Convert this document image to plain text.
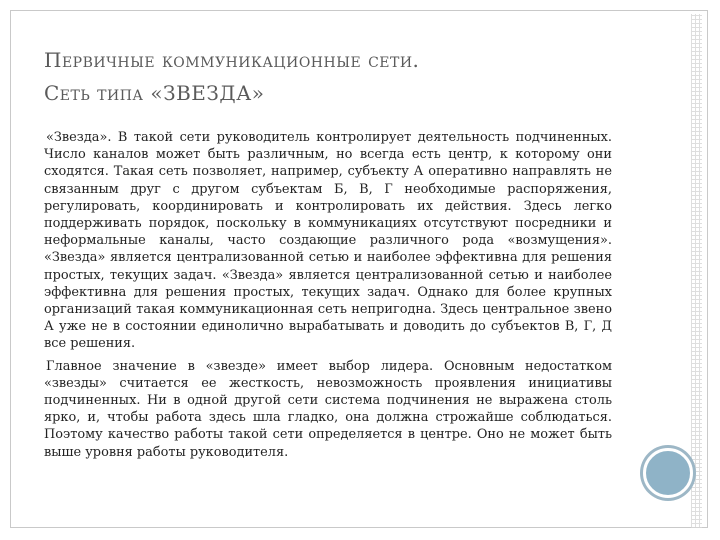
Первичные коммуникационные сети.
Сеть типа «ЗВЕЗДА»

«Звезда». В такой сети руководитель контролирует деятельность подчиненных. Число каналов может быть различным, но всегда есть центр, к которому они сходятся. Такая сеть позволяет, например, субъекту А оперативно направлять не связанным друг с другом субъектам Б, В, Г необходимые распоряжения, регулировать, координировать и контролировать их действия. Здесь легко поддерживать порядок, поскольку в коммуникациях отсутствуют посредники и неформальные каналы, часто создающие различного рода «возмущения». «Звезда» является централизованной сетью и наиболее эффективна для решения простых, текущих задач. «Звезда» является централизованной сетью и наиболее эффективна для решения простых, текущих задач. Однако для более крупных организаций такая коммуникационная сеть непригодна. Здесь центральное звено А уже не в состоянии единолично вырабатывать и доводить до субъектов В, Г, Д все решения.

Главное значение в «звезде» имеет выбор лидера. Основным недостатком «звезды» считается ее жесткость, невозможность проявления инициативы подчиненных. Ни в одной другой сети система подчинения не выражена столь ярко, и, чтобы работа здесь шла гладко, она должна строжайше соблюдаться. Поэтому качество работы такой сети определяется в центре. Оно не может быть выше уровня работы руководителя.
